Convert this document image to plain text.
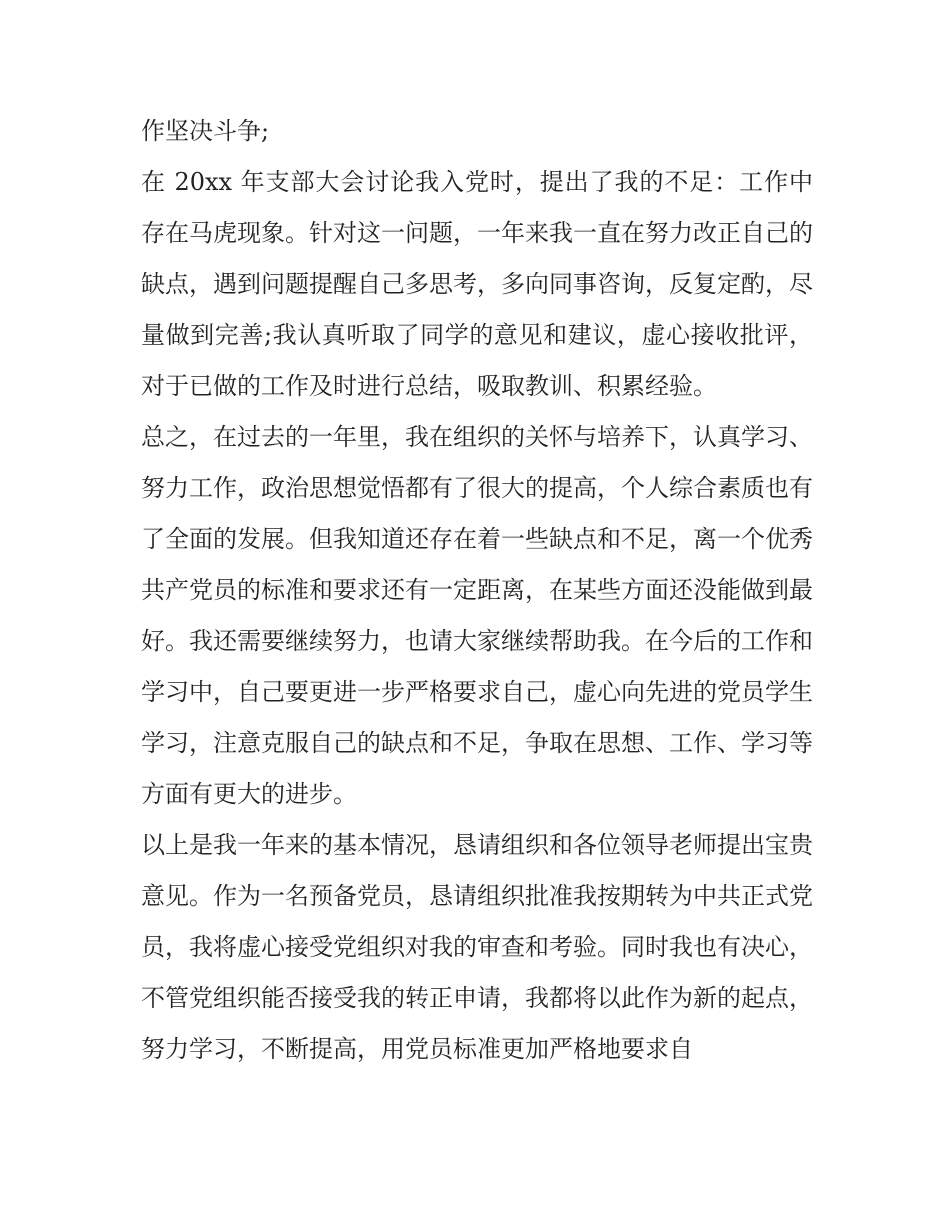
作坚决斗争;

在 20xx 年支部大会讨论我入党时，提出了我的不足：工作中存在马虎现象。针对这一问题，一年来我一直在努力改正自己的缺点，遇到问题提醒自己多思考，多向同事咨询，反复定酌，尽量做到完善;我认真听取了同学的意见和建议，虚心接收批评，对于已做的工作及时进行总结，吸取教训、积累经验。

总之，在过去的一年里，我在组织的关怀与培养下，认真学习、努力工作，政治思想觉悟都有了很大的提高，个人综合素质也有了全面的发展。但我知道还存在着一些缺点和不足，离一个优秀共产党员的标准和要求还有一定距离，在某些方面还没能做到最好。我还需要继续努力，也请大家继续帮助我。在今后的工作和学习中，自己要更进一步严格要求自己，虚心向先进的党员学生学习，注意克服自己的缺点和不足，争取在思想、工作、学习等方面有更大的进步。

以上是我一年来的基本情况，恳请组织和各位领导老师提出宝贵意见。作为一名预备党员，恳请组织批准我按期转为中共正式党员，我将虚心接受党组织对我的审查和考验。同时我也有决心，不管党组织能否接受我的转正申请，我都将以此作为新的起点，努力学习，不断提高，用党员标准更加严格地要求自
